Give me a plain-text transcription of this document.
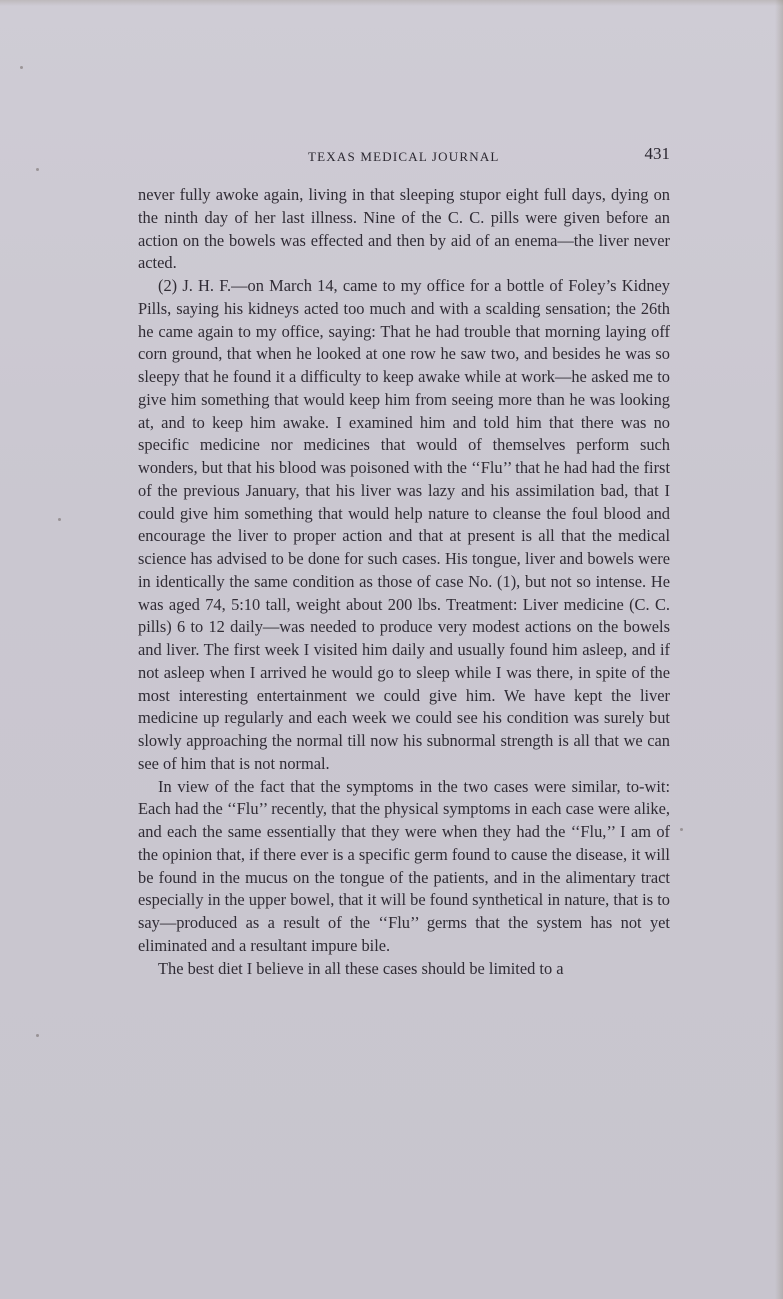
TEXAS MEDICAL JOURNAL	431

never fully awoke again, living in that sleeping stupor eight full days, dying on the ninth day of her last illness. Nine of the C. C. pills were given before an action on the bowels was effected and then by aid of an enema—the liver never acted.

(2) J. H. F.—on March 14, came to my office for a bottle of Foley’s Kidney Pills, saying his kidneys acted too much and with a scalding sensation; the 26th he came again to my office, saying: That he had trouble that morning laying off corn ground, that when he looked at one row he saw two, and besides he was so sleepy that he found it a difficulty to keep awake while at work—he asked me to give him something that would keep him from seeing more than he was looking at, and to keep him awake. I examined him and told him that there was no specific medicine nor medicines that would of themselves perform such wonders, but that his blood was poisoned with the ‘‘Flu’’ that he had had the first of the previous January, that his liver was lazy and his assimilation bad, that I could give him something that would help nature to cleanse the foul blood and encourage the liver to proper action and that at present is all that the medical science has advised to be done for such cases. His tongue, liver and bowels were in identically the same condition as those of case No. (1), but not so intense. He was aged 74, 5:10 tall, weight about 200 lbs. Treatment: Liver medicine (C. C. pills) 6 to 12 daily—was needed to produce very modest actions on the bowels and liver. The first week I visited him daily and usually found him asleep, and if not asleep when I arrived he would go to sleep while I was there, in spite of the most interesting entertainment we could give him. We have kept the liver medicine up regularly and each week we could see his condition was surely but slowly approaching the normal till now his subnormal strength is all that we can see of him that is not normal.

In view of the fact that the symptoms in the two cases were similar, to-wit: Each had the ‘‘Flu’’ recently, that the physical symptoms in each case were alike, and each the same essentially that they were when they had the ‘‘Flu,’’ I am of the opinion that, if there ever is a specific germ found to cause the disease, it will be found in the mucus on the tongue of the patients, and in the alimentary tract especially in the upper bowel, that it will be found synthetical in nature, that is to say—produced as a result of the ‘‘Flu’’ germs that the system has not yet eliminated and a resultant impure bile.

The best diet I believe in all these cases should be limited to a
